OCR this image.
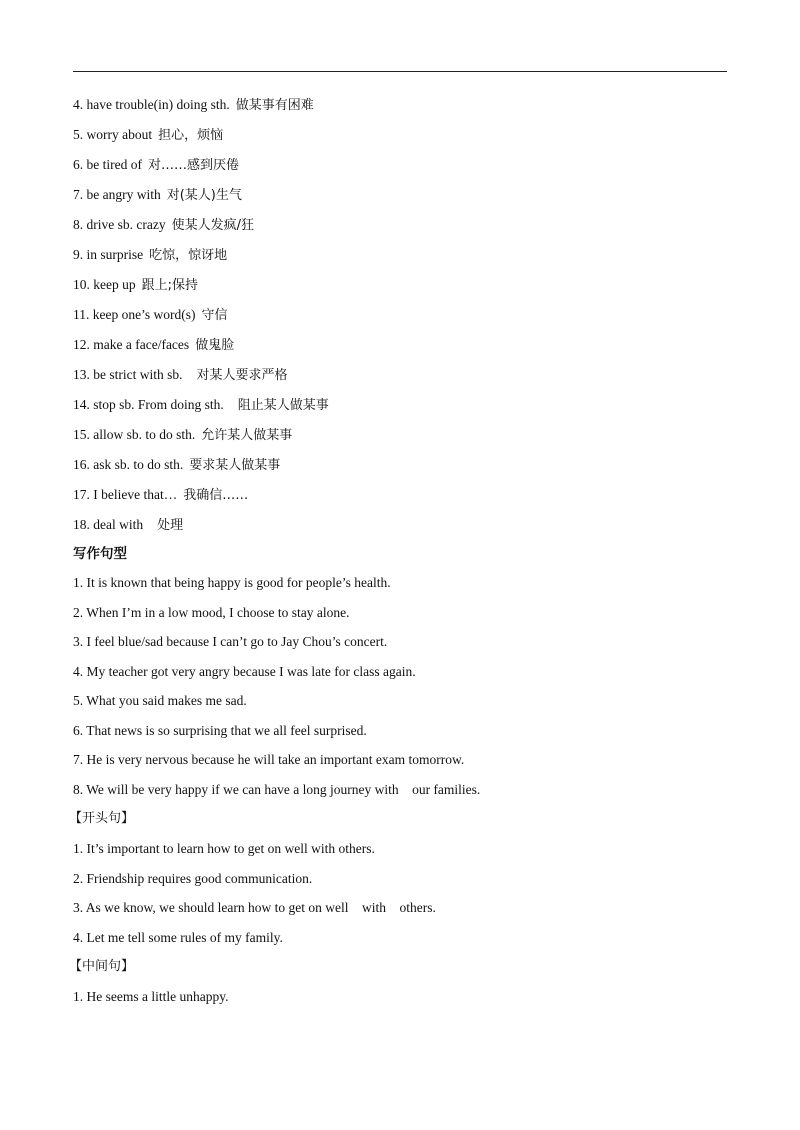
4. have trouble(in) doing sth. 做某事有困难
5. worry about 担心，烦恼
6. be tired of 对……感到厌倦
7. be angry with 对(某人)生气
8. drive sb. crazy 使某人发疯/狂
9. in surprise 吃惊，惊讶地
10. keep up 跟上;保持
11. keep one’s word(s) 守信
12. make a face/faces 做鬼脸
13. be strict with sb. 对某人要求严格
14. stop sb. From doing sth. 阻止某人做某事
15. allow sb. to do sth. 允许某人做某事
16. ask sb. to do sth. 要求某人做某事
17. I believe that… 我确信……
18. deal with 处理
写作句型
1. It is known that being happy is good for people’s health.
2. When I’m in a low mood, I choose to stay alone.
3. I feel blue/sad because I can’t go to Jay Chou’s concert.
4. My teacher got very angry because I was late for class again.
5. What you said makes me sad.
6. That news is so surprising that we all feel surprised.
7. He is very nervous because he will take an important exam tomorrow.
8. We will be very happy if we can have a long journey with    our families.
【开头句】
1. It’s important to learn how to get on well with others.
2. Friendship requires good communication.
3. As we know, we should learn how to get on well    with    others.
4. Let me tell some rules of my family.
【中间句】
1. He seems a little unhappy.
